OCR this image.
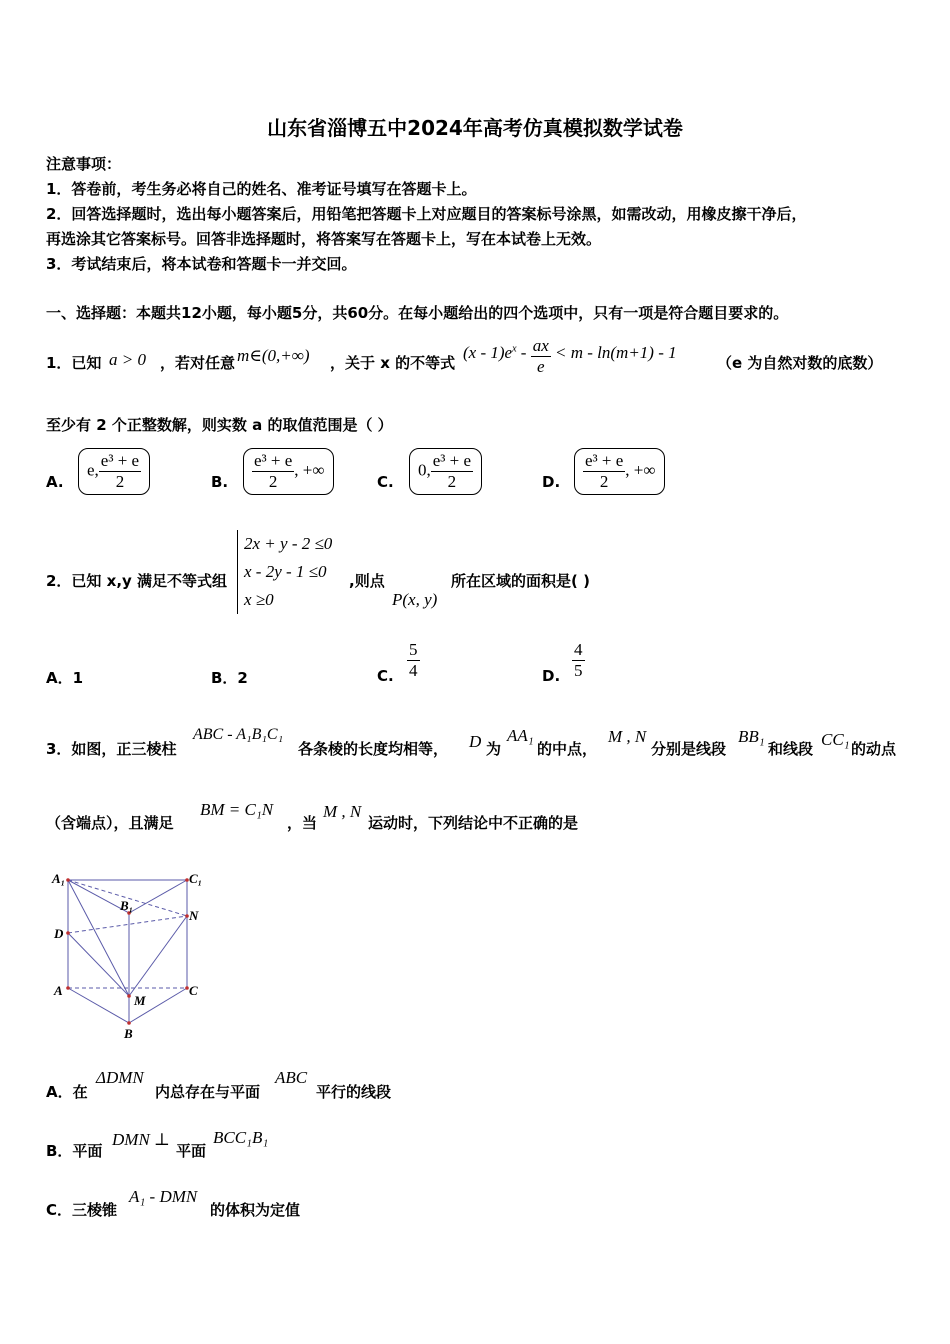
山东省淄博五中2024年高考仿真模拟数学试卷
注意事项：
1．答卷前，考生务必将自己的姓名、准考证号填写在答题卡上。
2．回答选择题时，选出每小题答案后，用铅笔把答题卡上对应题目的答案标号涂黑，如需改动，用橡皮擦干净后，
再选涂其它答案标号。回答非选择题时，将答案写在答题卡上，写在本试卷上无效。
3．考试结束后，将本试卷和答题卡一并交回。
一、选择题：本题共12小题，每小题5分，共60分。在每小题给出的四个选项中，只有一项是符合题目要求的。
1．已知 a > 0 ，若对任意 m∈(0,+∞) ，关于 x 的不等式
$(x - 1)e^x - \frac{ax}{e} < m - \ln(m+1) - 1$
（e 为自然对数的底数）
至少有 2 个正整数解，则实数 a 的取值范围是（ ）
A.
e, $\frac{\text{e³ + e}}{2}$	B. $\frac{\text{e³ + e}}{2}$ , +∞
C.
0, $\frac{\text{e³ + e}}{2}$	D. $\frac{\text{e³ + e}}{2}$ , +∞
2．已知 x,y 满足不等式组
2x + y - 2 ≤0
x - 2y - 1 ≤0
x ≥0
,则点
P(x, y)
所在区域的面积是( )
A．1	B．2	C. $\frac{5}{4}$	D. $\frac{4}{5}$
3．如图，正三棱柱
ABC - A₁B₁C₁
各条棱的长度均相等， D 为
AA₁
的中点，
M , N
分别是线段
BB₁
和线段 CC₁ 的动点
（含端点），且满足
BM = C₁N
，当
M , N
运动时，下列结论中不正确的是
A₁	C₁
B₁
N
D
A	C
M
B
A．在
ΔDMN
内总存在与平面
ABC
平行的线段
B．平面
DMN ⊥
平面
BCC₁B₁
C．三棱锥
A₁ - DMN
的体积为定值
